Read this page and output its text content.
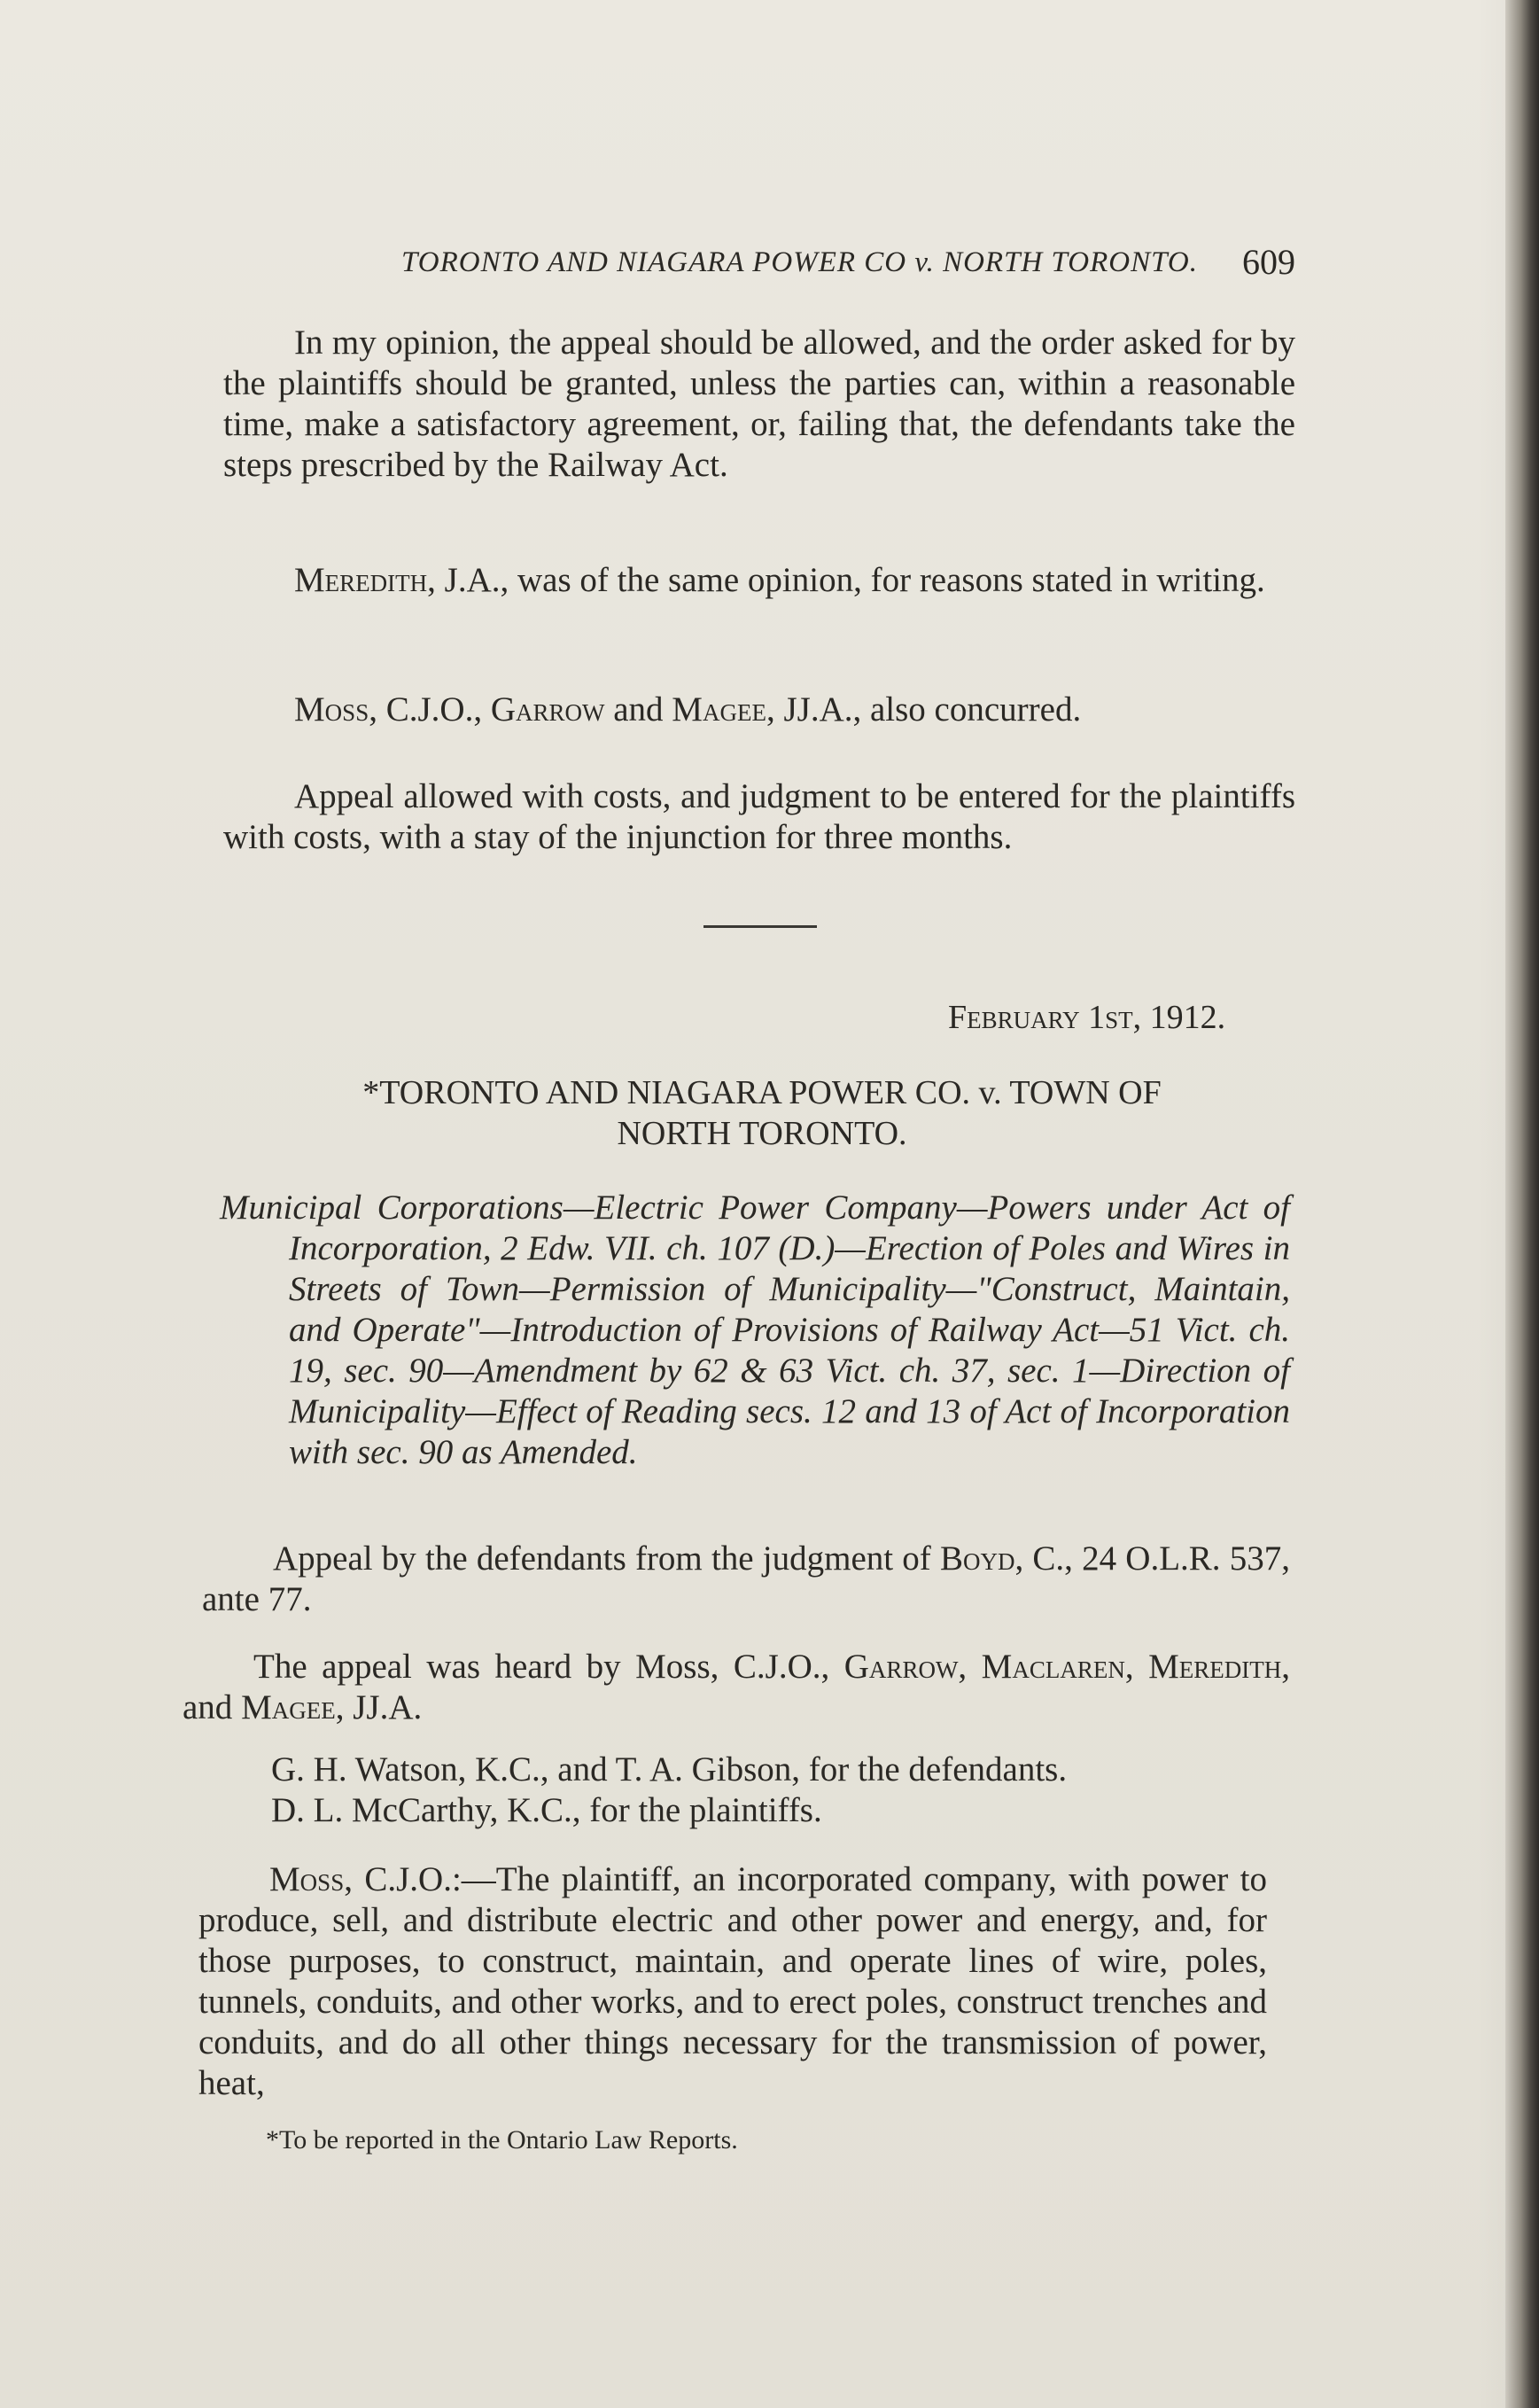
TORONTO AND NIAGARA POWER CO v. NORTH TORONTO.	609

In my opinion, the appeal should be allowed, and the order asked for by the plaintiffs should be granted, unless the parties can, within a reasonable time, make a satisfactory agreement, or, failing that, the defendants take the steps prescribed by the Railway Act.

Meredith, J.A., was of the same opinion, for reasons stated in writing.

Moss, C.J.O., Garrow and Magee, JJ.A., also concurred.

Appeal allowed with costs, and judgment to be entered for the plaintiffs with costs, with a stay of the injunction for three months.

February 1st, 1912.
*TORONTO AND NIAGARA POWER CO. v. TOWN OF
NORTH TORONTO.

Municipal Corporations—Electric Power Company—Powers under Act of Incorporation, 2 Edw. VII. ch. 107 (D.)—Erection of Poles and Wires in Streets of Town—Permission of Municipality—"Construct, Maintain, and Operate"—Introduction of Provisions of Railway Act—51 Vict. ch. 19, sec. 90—Amendment by 62 & 63 Vict. ch. 37, sec. 1—Direction of Municipality—Effect of Reading secs. 12 and 13 of Act of Incorporation with sec. 90 as Amended.

Appeal by the defendants from the judgment of Boyd, C., 24 O.L.R. 537, ante 77.

The appeal was heard by Moss, C.J.O., Garrow, Maclaren, Meredith, and Magee, JJ.A.

G. H. Watson, K.C., and T. A. Gibson, for the defendants.

D. L. McCarthy, K.C., for the plaintiffs.

Moss, C.J.O.:—The plaintiff, an incorporated company, with power to produce, sell, and distribute electric and other power and energy, and, for those purposes, to construct, maintain, and operate lines of wire, poles, tunnels, conduits, and other works, and to erect poles, construct trenches and conduits, and do all other things necessary for the transmission of power, heat,

*To be reported in the Ontario Law Reports.
